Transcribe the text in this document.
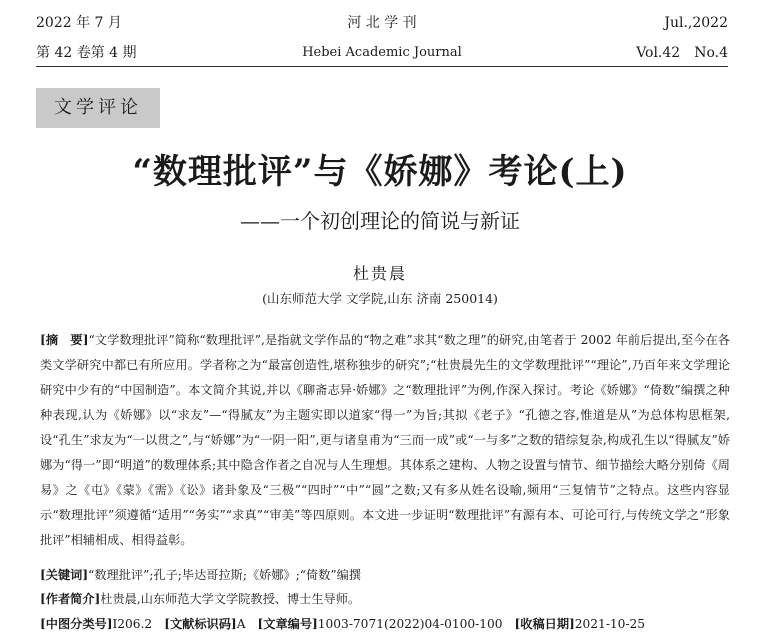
2022 年 7 月	河 北 学 刊	Jul.,2022
第 42 卷第 4 期	Hebei Academic Journal	Vol.42　No.4
文学评论
“数理批评”与《娇娜》考论(上)
——一个初创理论的简说与新证
杜贵晨
(山东师范大学 文学院,山东 济南 250014)
[摘　要]“文学数理批评”简称“数理批评”,是指就文学作品的“物之难”求其“数之理”的研究,由笔者于 2002 年前后提出,至今在各类文学研究中都已有所应用。学者称之为“最富创造性,堪称独步的研究”;“杜贵晨先生的文学数理批评”“理论”,乃百年来文学理论研究中少有的“中国制造”。本文简介其说,并以《聊斋志异·娇娜》之“数理批评”为例,作深入探讨。考论《娇娜》“倚数”编撰之种种表现,认为《娇娜》以“求友”—“得腻友”为主题实即以道家“得一”为旨;其拟《老子》“孔德之容,惟道是从”为总体构思框架,设“孔生”求友为“一以贯之”,与“娇娜”为“一阴一阳”,更与诸皇甫为“三而一成”或“一与多”之数的错综复杂,构成孔生以“得腻友”娇娜为“得一”即“明道”的数理体系;其中隐含作者之自况与人生理想。其体系之建构、人物之设置与情节、细节描绘大略分别倚《周易》之《屯》《蒙》《需》《讼》诸卦象及“三极”“四时”“中”“圆”之数;又有多从姓名设喻,频用“三复情节”之特点。这些内容显示“数理批评”须遵循“适用”“务实”“求真”“审美”等四原则。本文进一步证明“数理批评”有源有本、可论可行,与传统文学之“形象批评”相辅相成、相得益彰。
[关键词]“数理批评”;孔子;毕达哥拉斯;《娇娜》;“倚数”编撰
[作者简介]杜贵晨,山东师范大学文学院教授、博士生导师。
[中图分类号]I206.2 [文献标识码]A [文章编号]1003-7071(2022)04-0100-100 [收稿日期]2021-10-25
